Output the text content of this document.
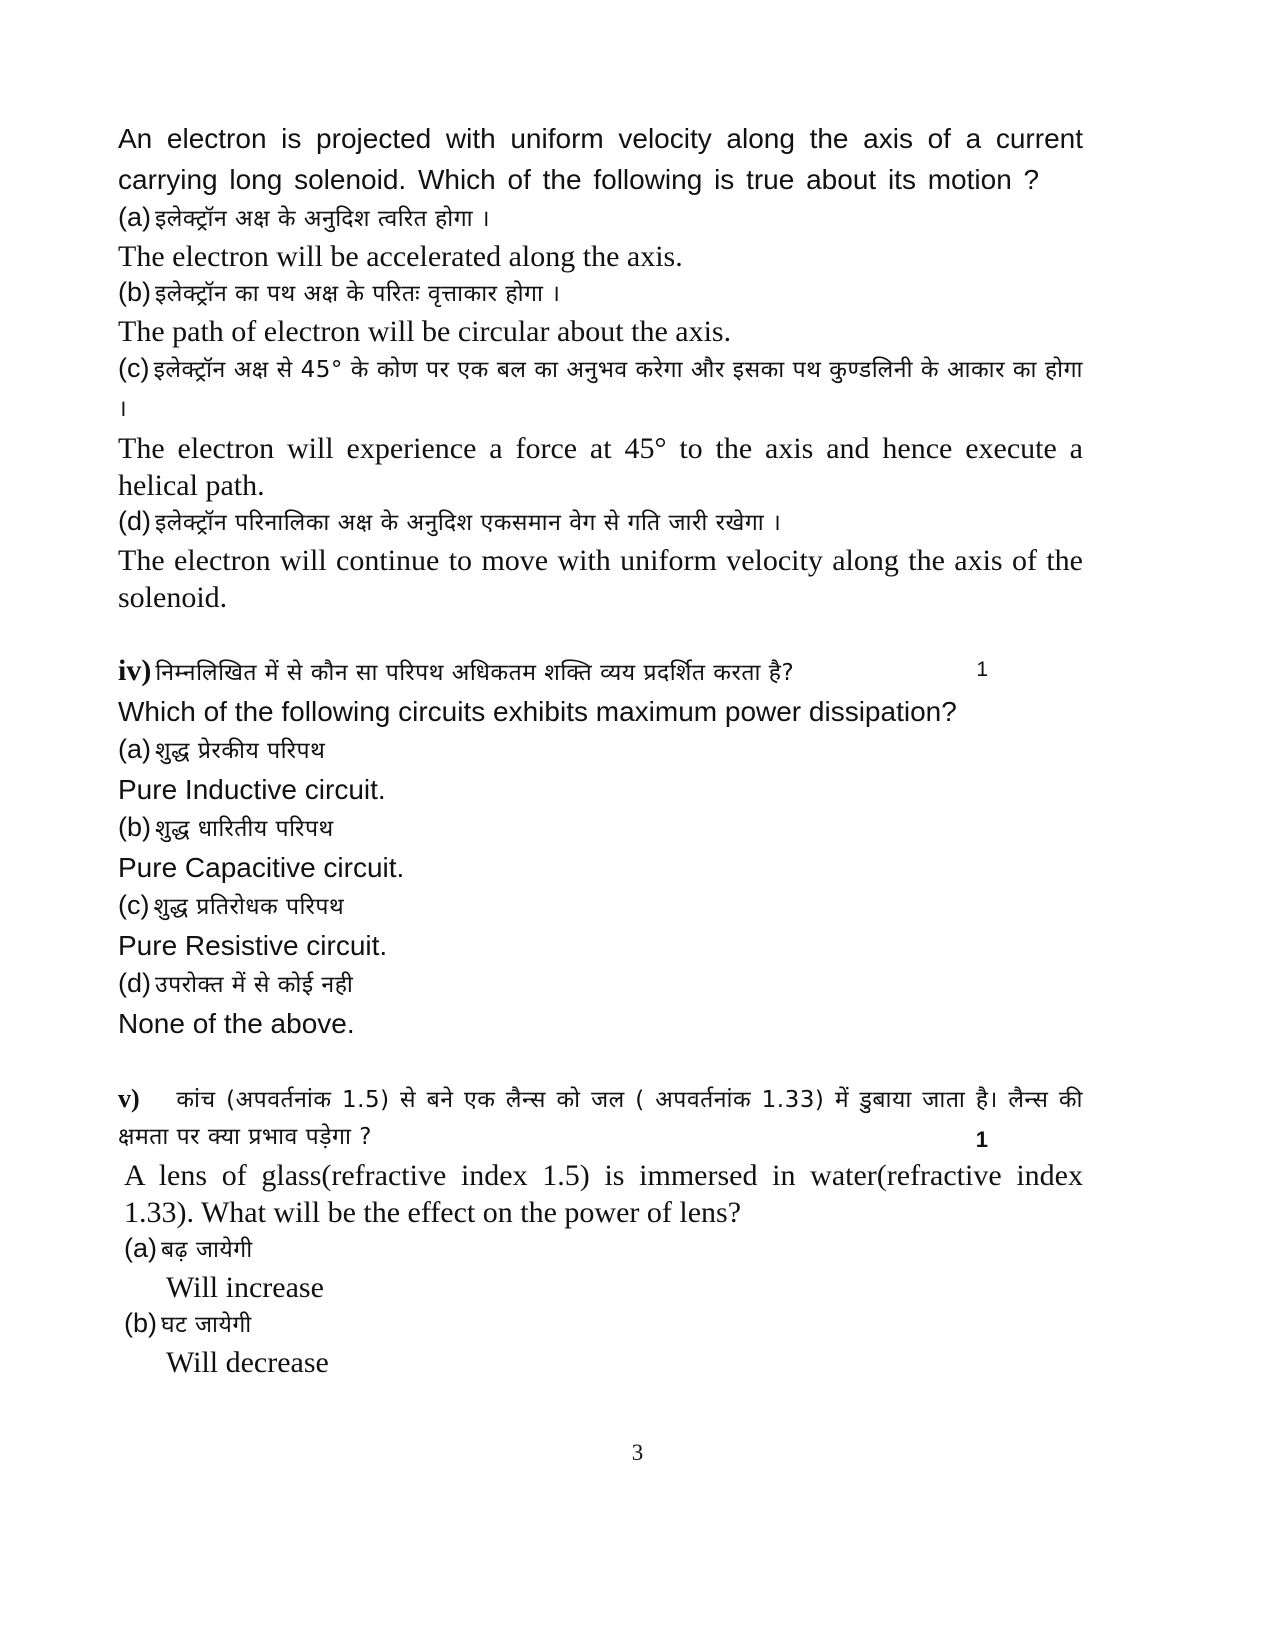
An electron is projected with uniform velocity along the axis of a current carrying long solenoid. Which of the following is true about its motion ?
(a) इलेक्ट्रॉन अक्ष के अनुदिश त्वरित होगा ।
The electron will be accelerated along the axis.
(b) इलेक्ट्रॉन का पथ अक्ष के परितः वृत्ताकार होगा ।
The path of electron will be circular about the axis.
(c) इलेक्ट्रॉन अक्ष से 45° के कोण पर एक बल का अनुभव करेगा और इसका पथ कुण्डलिनी के आकार का होगा ।
The electron will experience a force at 45° to the axis and hence execute a helical path.
(d) इलेक्ट्रॉन परिनालिका अक्ष के अनुदिश एकसमान वेग से गति जारी रखेगा ।
The electron will continue to move with uniform velocity along the axis of the solenoid.
iv) निम्नलिखित में से कौन सा परिपथ अधिकतम शक्ति व्यय प्रदर्शित करता है?	1
Which of the following circuits exhibits maximum power dissipation?
(a) शुद्ध प्रेरकीय परिपथ
Pure Inductive circuit.
(b) शुद्ध धारितीय परिपथ
Pure Capacitive circuit.
(c) शुद्ध प्रतिरोधक परिपथ
Pure Resistive circuit.
(d) उपरोक्त में से कोई नही
None of the above.
v) कांच (अपवर्तनांक 1.5) से बने एक लैन्स को जल ( अपवर्तनांक 1.33) में डुबाया जाता है। लैन्स की क्षमता पर क्या प्रभाव पड़ेगा ?	1
A lens of glass(refractive index 1.5) is immersed in water(refractive index 1.33). What will be the effect on the power of lens?
(a) बढ़ जायेगी
Will increase
(b) घट जायेगी
Will decrease
3
